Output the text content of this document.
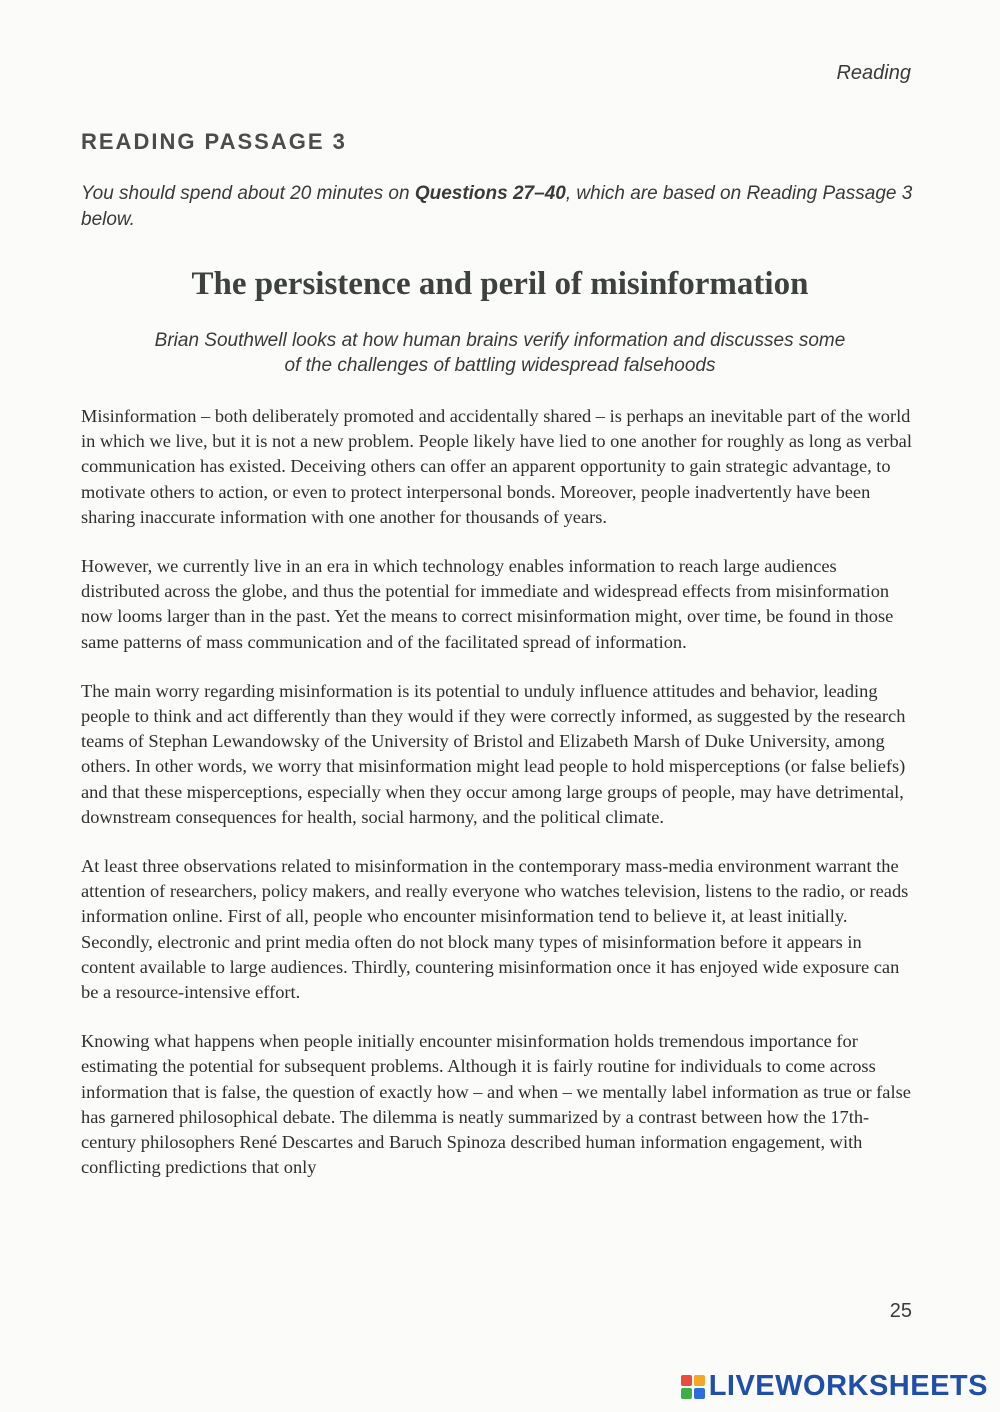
Reading
READING PASSAGE 3

You should spend about 20 minutes on Questions 27–40, which are based on Reading Passage 3 below.

The persistence and peril of misinformation

Brian Southwell looks at how human brains verify information and discusses some of the challenges of battling widespread falsehoods

Misinformation – both deliberately promoted and accidentally shared – is perhaps an inevitable part of the world in which we live, but it is not a new problem. People likely have lied to one another for roughly as long as verbal communication has existed. Deceiving others can offer an apparent opportunity to gain strategic advantage, to motivate others to action, or even to protect interpersonal bonds. Moreover, people inadvertently have been sharing inaccurate information with one another for thousands of years.

However, we currently live in an era in which technology enables information to reach large audiences distributed across the globe, and thus the potential for immediate and widespread effects from misinformation now looms larger than in the past. Yet the means to correct misinformation might, over time, be found in those same patterns of mass communication and of the facilitated spread of information.

The main worry regarding misinformation is its potential to unduly influence attitudes and behavior, leading people to think and act differently than they would if they were correctly informed, as suggested by the research teams of Stephan Lewandowsky of the University of Bristol and Elizabeth Marsh of Duke University, among others. In other words, we worry that misinformation might lead people to hold misperceptions (or false beliefs) and that these misperceptions, especially when they occur among large groups of people, may have detrimental, downstream consequences for health, social harmony, and the political climate.

At least three observations related to misinformation in the contemporary mass-media environment warrant the attention of researchers, policy makers, and really everyone who watches television, listens to the radio, or reads information online. First of all, people who encounter misinformation tend to believe it, at least initially. Secondly, electronic and print media often do not block many types of misinformation before it appears in content available to large audiences. Thirdly, countering misinformation once it has enjoyed wide exposure can be a resource-intensive effort.

Knowing what happens when people initially encounter misinformation holds tremendous importance for estimating the potential for subsequent problems. Although it is fairly routine for individuals to come across information that is false, the question of exactly how – and when – we mentally label information as true or false has garnered philosophical debate. The dilemma is neatly summarized by a contrast between how the 17th-century philosophers René Descartes and Baruch Spinoza described human information engagement, with conflicting predictions that only

25
LIVEWORKSHEETS
